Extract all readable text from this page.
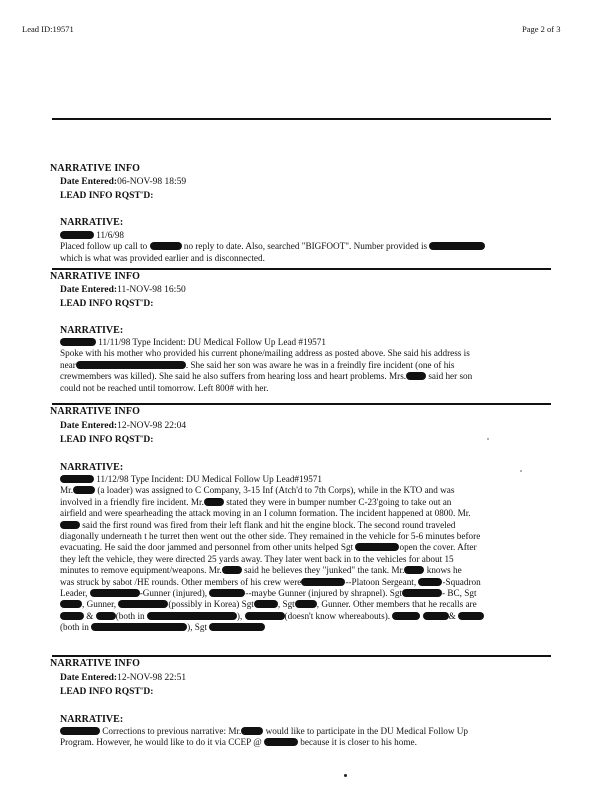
Lead ID:19571	Page 2 of 3
NARRATIVE INFO
Date Entered:06-NOV-98 18:59
LEAD INFO RQST'D:
NARRATIVE:
11/6/98
Placed follow up call to	no reply to date. Also, searched "BIGFOOT". Number provided is
which is what was provided earlier and is disconnected.
NARRATIVE INFO
Date Entered:11-NOV-98 16:50
LEAD INFO RQST'D:
NARRATIVE:
11/11/98 Type Incident: DU Medical Follow Up Lead #19571
Spoke with his mother who provided his current phone/mailing address as posted above. She said his address is
near	. She said her son was aware he was in a freindly fire incident (one of his
crewmembers was killed). She said he also suffers from hearing loss and heart problems. Mrs. said her son
could not be reached until tomorrow. Left 800# with her.
NARRATIVE INFO
Date Entered:12-NOV-98 22:04
LEAD INFO RQST'D:
NARRATIVE:
11/12/98 Type Incident: DU Medical Follow Up Lead#19571
Mr. (a loader) was assigned to C Company, 3-15 Inf (Atch'd to 7th Corps), while in the KTO and was
involved in a friendly fire incident. Mr. stated they were in bumper number C-23'going to take out an
airfield and were spearheading the attack moving in an I column formation. The incident happened at 0800. Mr.
said the first round was fired from their left flank and hit the engine block. The second round traveled
diagonally underneath t he turret then went out the other side. They remained in the vehicle for 5-6 minutes before
evacuating. He said the door jammed and personnel from other units helped Sgt	open the cover. After
they left the vehicle, they were directed 25 yards away. They later went back in to the vehicles for about 15
minutes to remove equipment/weapons. Mr. said he believes they "junked" the tank. Mr. knows he
was struck by sabot /HE rounds. Other members of his crew were	--Platoon Sergeant,	-Squadron
Leader,	-Gunner (injured),	--maybe Gunner (injured by shrapnel). Sgt	- BC, Sgt
, Gunner,	(possibly in Korea) Sgt	, Sgt , Gunner. Other members that he recalls are
& (both in	),	(doesn't know whereabouts).	&
(both in	), Sgt
NARRATIVE INFO
Date Entered:12-NOV-98 22:51
LEAD INFO RQST'D:
NARRATIVE:
Corrections to previous narrative: Mr. would like to participate in the DU Medical Follow Up
Program. However, he would like to do it via CCEP @	because it is closer to his home.
